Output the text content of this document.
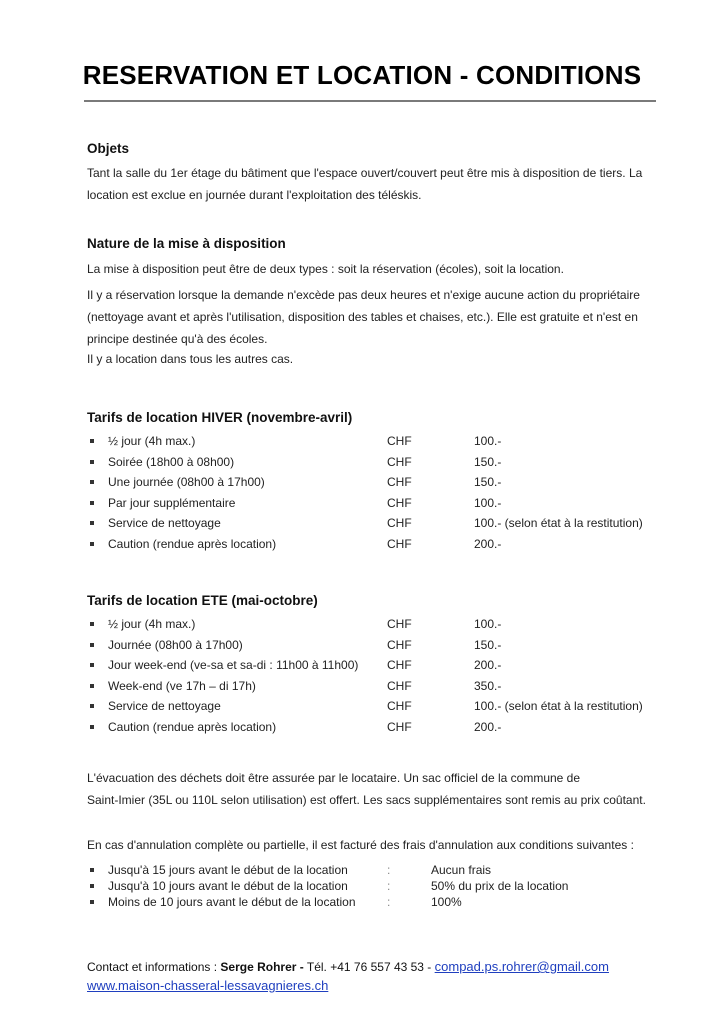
RESERVATION ET LOCATION - CONDITIONS
Objets
Tant la salle du 1er étage du bâtiment que l'espace ouvert/couvert peut être mis à disposition de tiers. La
location est exclue en journée durant l'exploitation des téléskis.
Nature de la mise à disposition
La mise à disposition peut être de deux types : soit la réservation (écoles), soit la location.
Il y a réservation lorsque la demande n'excède pas deux heures et n'exige aucune action du propriétaire
(nettoyage avant et après l'utilisation, disposition des tables et chaises, etc.). Elle est gratuite et n'est en
principe destinée qu'à des écoles.
Il y a location dans tous les autres cas.
Tarifs de location HIVER (novembre-avril)
½ jour (4h max.)	CHF	100.-
Soirée (18h00 à 08h00)	CHF	150.-
Une journée (08h00 à 17h00)	CHF	150.-
Par jour supplémentaire	CHF	100.-
Service de nettoyage	CHF	100.- (selon état à la restitution)
Caution (rendue après location)	CHF	200.-
Tarifs de location ETE (mai-octobre)
½ jour (4h max.)	CHF	100.-
Journée (08h00 à 17h00)	CHF	150.-
Jour week-end (ve-sa et sa-di : 11h00 à 11h00) CHF	200.-
Week-end (ve 17h – di 17h)	CHF	350.-
Service de nettoyage	CHF	100.- (selon état à la restitution)
Caution (rendue après location)	CHF	200.-
L'évacuation des déchets doit être assurée par le locataire. Un sac officiel de la commune de
Saint-Imier (35L ou 110L selon utilisation) est offert. Les sacs supplémentaires sont remis au prix coûtant.
En cas d'annulation complète ou partielle, il est facturé des frais d'annulation aux conditions suivantes :
Jusqu'à 15 jours avant le début de la location	:	Aucun frais
Jusqu'à 10 jours avant le début de la location	:	50% du prix de la location
Moins de 10 jours avant le début de la location	:	100%
Contact et informations : Serge Rohrer - Tél. +41 76 557 43 53 - compad.ps.rohrer@gmail.com
www.maison-chasseral-lessavagnieres.ch
